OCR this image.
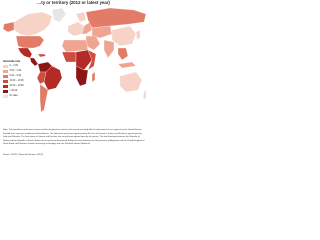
…ty or territory (2012 or latest year)
Homicide rate
0 – 2.99
3.00 – 4.99
5.00 – 9.99
10.00 – 19.99
20.00 – 29.99
≥ 30.00
No data
Note: The boundaries and names shown and the designations used on this map do not imply official endorsement or acceptance by the United Nations. Dashed lines represent undetermined boundaries. The dotted line represents approximately the Line of Control in Jammu and Kashmir agreed upon by India and Pakistan. The final status of Jammu and Kashmir has not yet been agreed upon by the parties. The final boundary between the Republic of Sudan and the Republic of South Sudan has not yet been determined. A dispute exists between the Governments of Argentina and the United Kingdom of Great Britain and Northern Ireland concerning sovereignty over the Falkland Islands (Malvinas).
Source: UNODC Homicide Statistics (2013)
